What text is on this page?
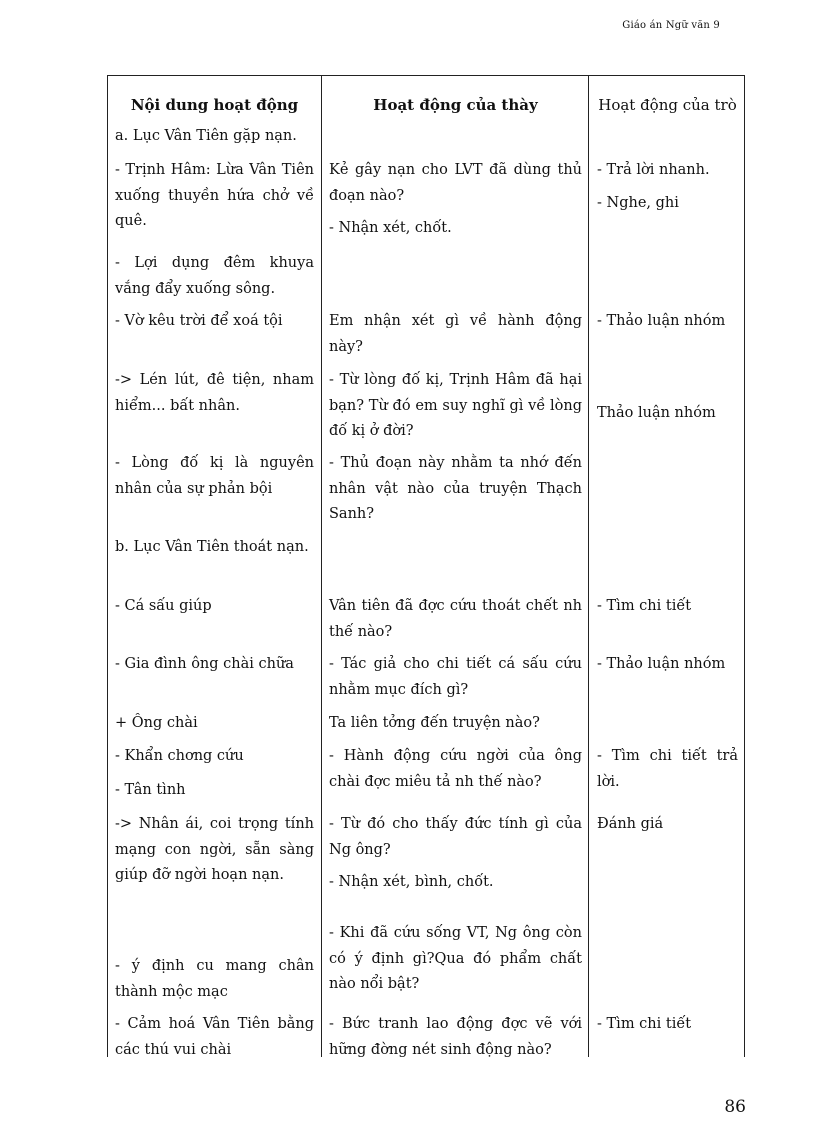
Giáo án Ngữ văn 9

Nội dung hoạt động

a. Lục Vân Tiên gặp nạn.

- Trịnh Hâm: Lừa Vân Tiên xuống thuyền hứa chở về quê.

- Lợi dụng đêm khuya vắng đẩy xuống sông.

- Vờ kêu trời để xoá tội

-> Lén lút, đê tiện, nham hiểm... bất nhân.

- Lòng đố kị là nguyên nhân của sự phản bội

b. Lục Vân Tiên thoát nạn.

- Cá sấu giúp

- Gia đình ông chài chữa

+ Ông chài

- Khẩn chơng cứu

- Tân tình

-> Nhân ái, coi trọng tính mạng con ngời, sẵn sàng giúp đỡ ngời hoạn nạn.

- ý định cu mang chân thành mộc mạc

- Cảm hoá Vân Tiên bằng các thú vui chài

Hoạt động của thày

Kẻ gây nạn cho LVT đã dùng thủ đoạn nào?

- Nhận xét, chốt.

Em nhận xét gì về hành động này?

- Từ lòng đố kị, Trịnh Hâm đã hại bạn? Từ đó em suy nghĩ gì về lòng đố kị ở đời?

- Thủ đoạn này nhằm ta nhớ đến nhân vật nào của truyện Thạch Sanh?

Vân tiên đã đợc cứu thoát chết nh thế nào?

- Tác giả cho chi tiết cá sấu cứu nhằm mục đích gì?

Ta liên tởng đến truyện nào?

- Hành động cứu ngời của ông chài đợc miêu tả nh thế nào?

- Từ đó cho thấy đức tính gì của Ng ông?

- Nhận xét, bình, chốt.

- Khi đã cứu sống VT, Ng ông còn có ý định gì?Qua đó phẩm chất nào nổi bật?

- Bức tranh lao động đợc vẽ với hững đờng nét sinh động nào?

Hoạt động của trò

- Trả lời nhanh.

- Nghe, ghi

- Thảo luận nhóm

Thảo luận nhóm

- Tìm chi tiết

- Thảo luận nhóm

- Tìm chi tiết trả lời.

Đánh giá

- Tìm chi tiết

86
